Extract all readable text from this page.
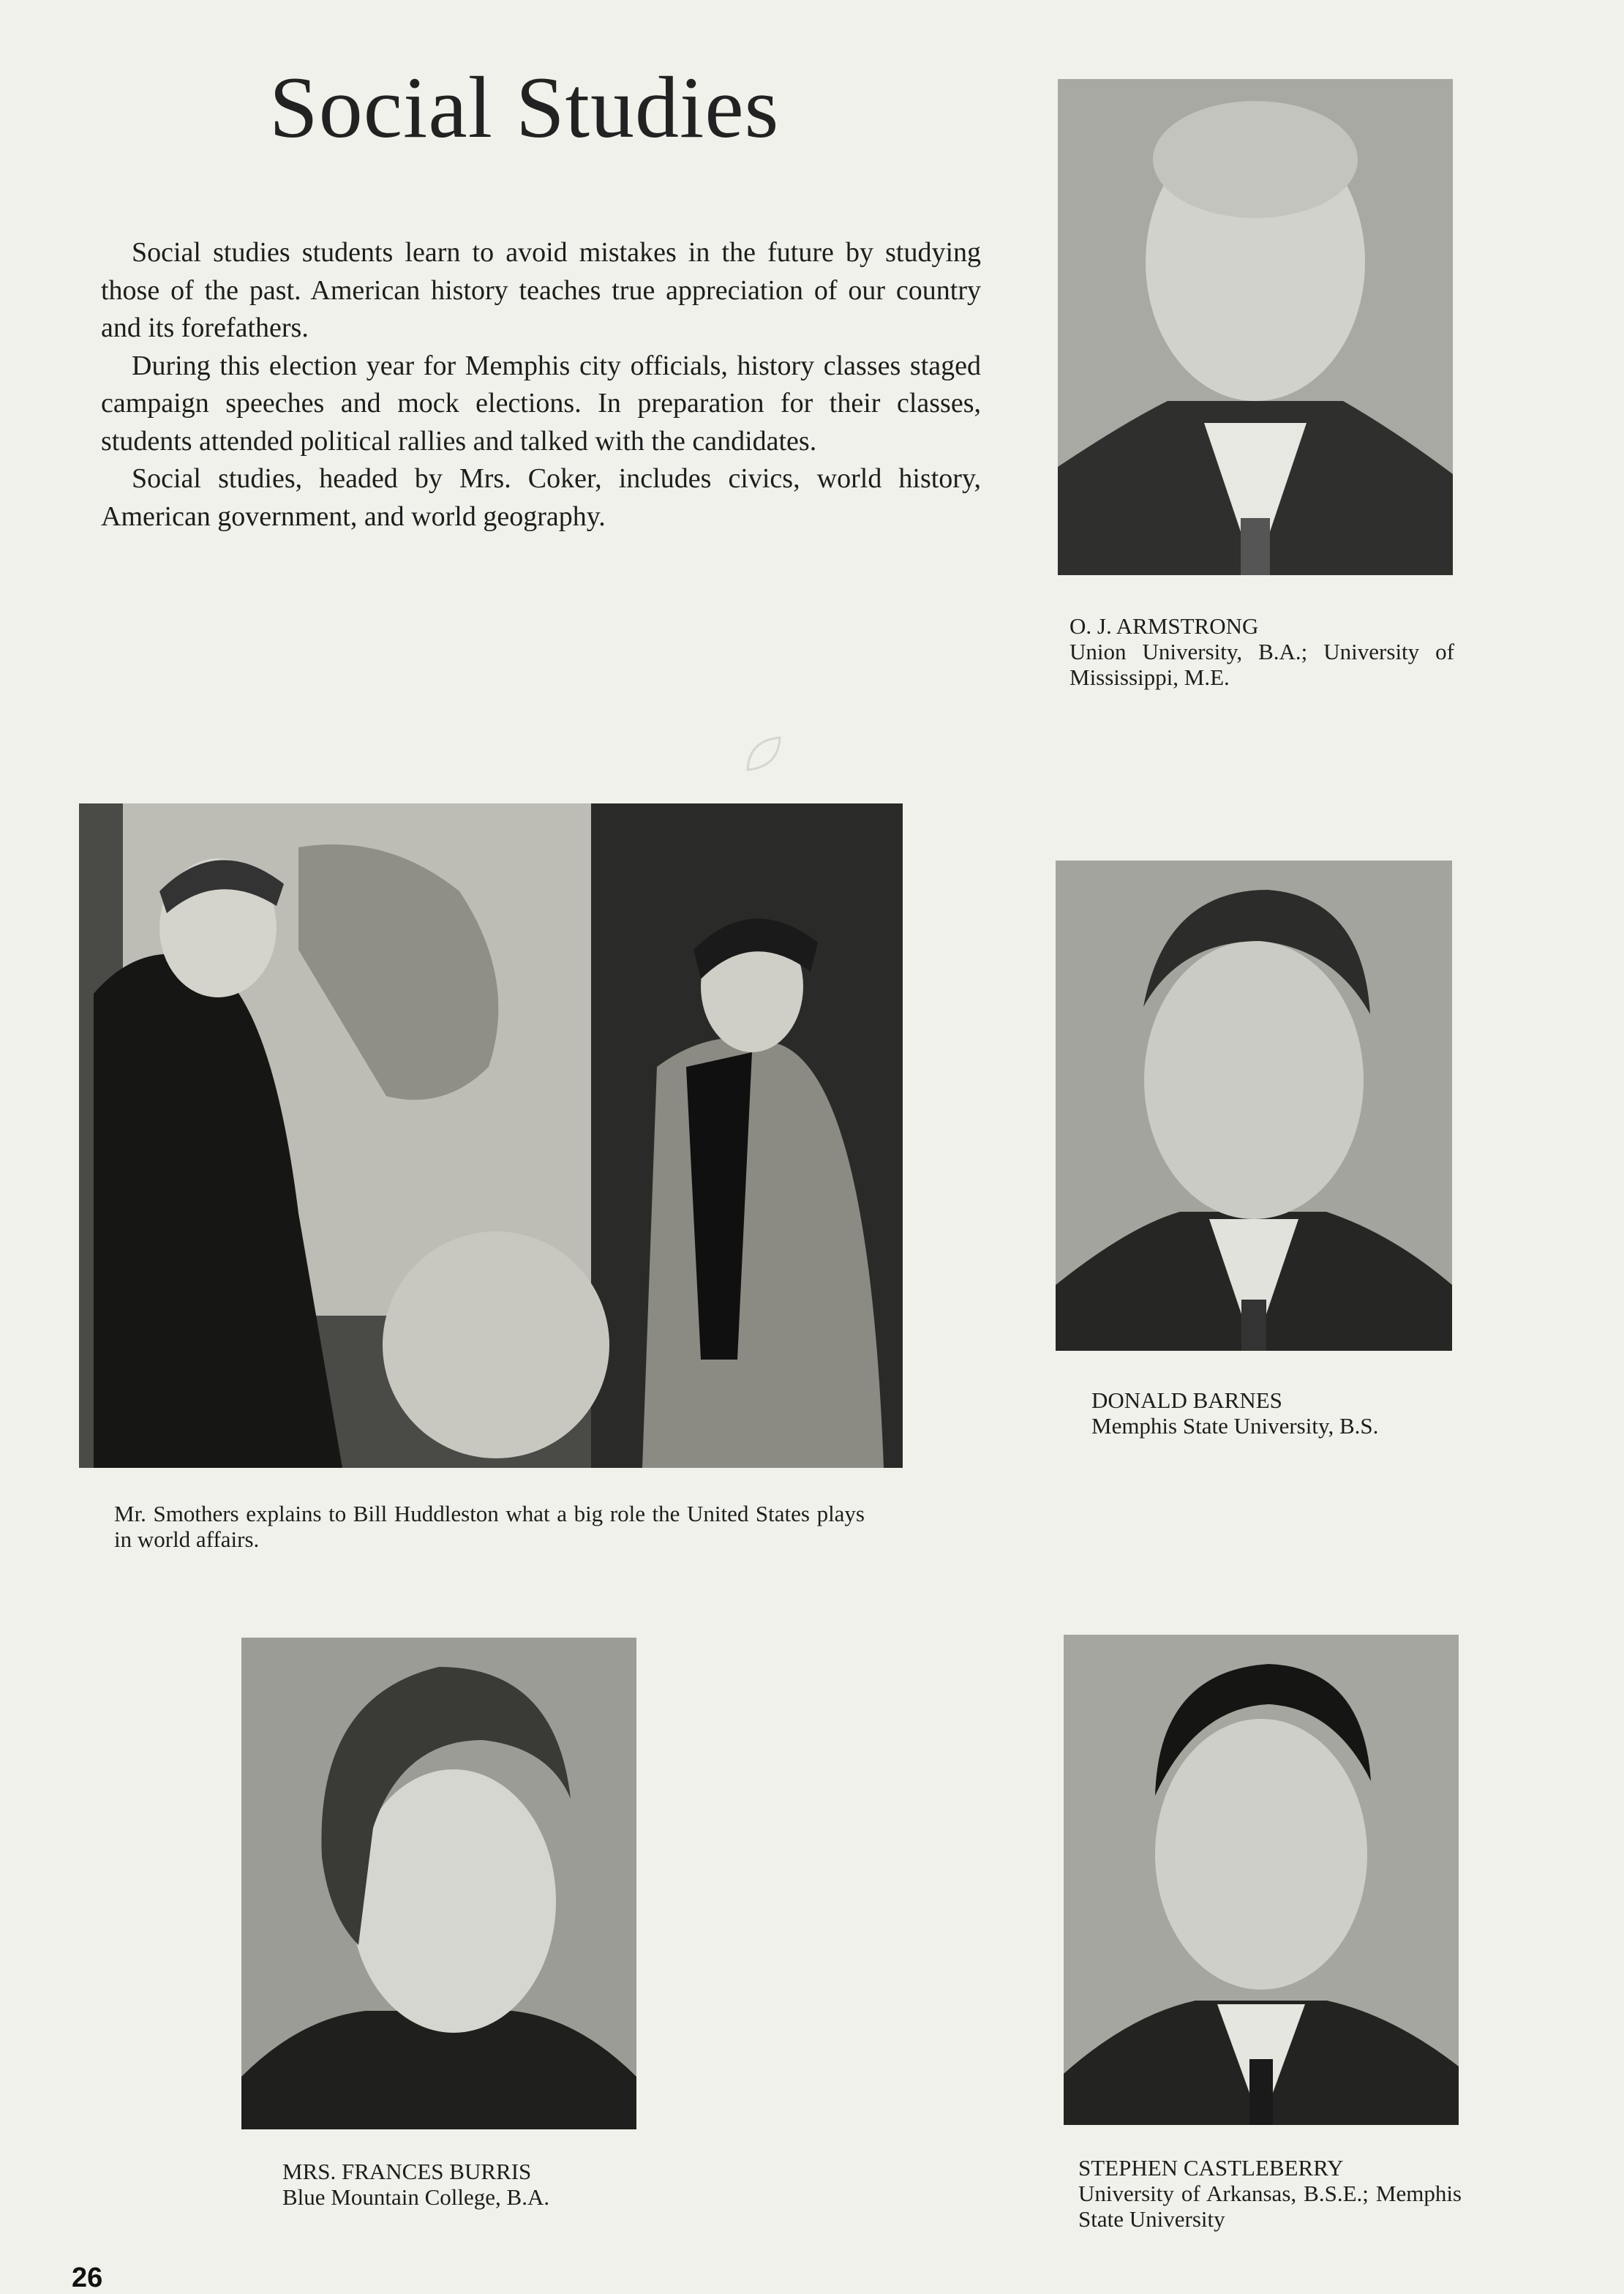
Social Studies

Social studies students learn to avoid mistakes in the future by studying those of the past. American history teaches true appreciation of our country and its forefathers.

During this election year for Memphis city officials, history classes staged campaign speeches and mock elections. In preparation for their classes, students attended political rallies and talked with the candidates.

Social studies, headed by Mrs. Coker, includes civics, world history, American government, and world geography.

O. J. ARMSTRONG
Union University, B.A.; University of Mississippi, M.E.
Mr. Smothers explains to Bill Huddleston what a big role the United States plays in world affairs.
DONALD BARNES
Memphis State University, B.S.
MRS. FRANCES BURRIS
Blue Mountain College, B.A.
STEPHEN CASTLEBERRY
University of Arkansas, B.S.E.; Memphis State University
26
